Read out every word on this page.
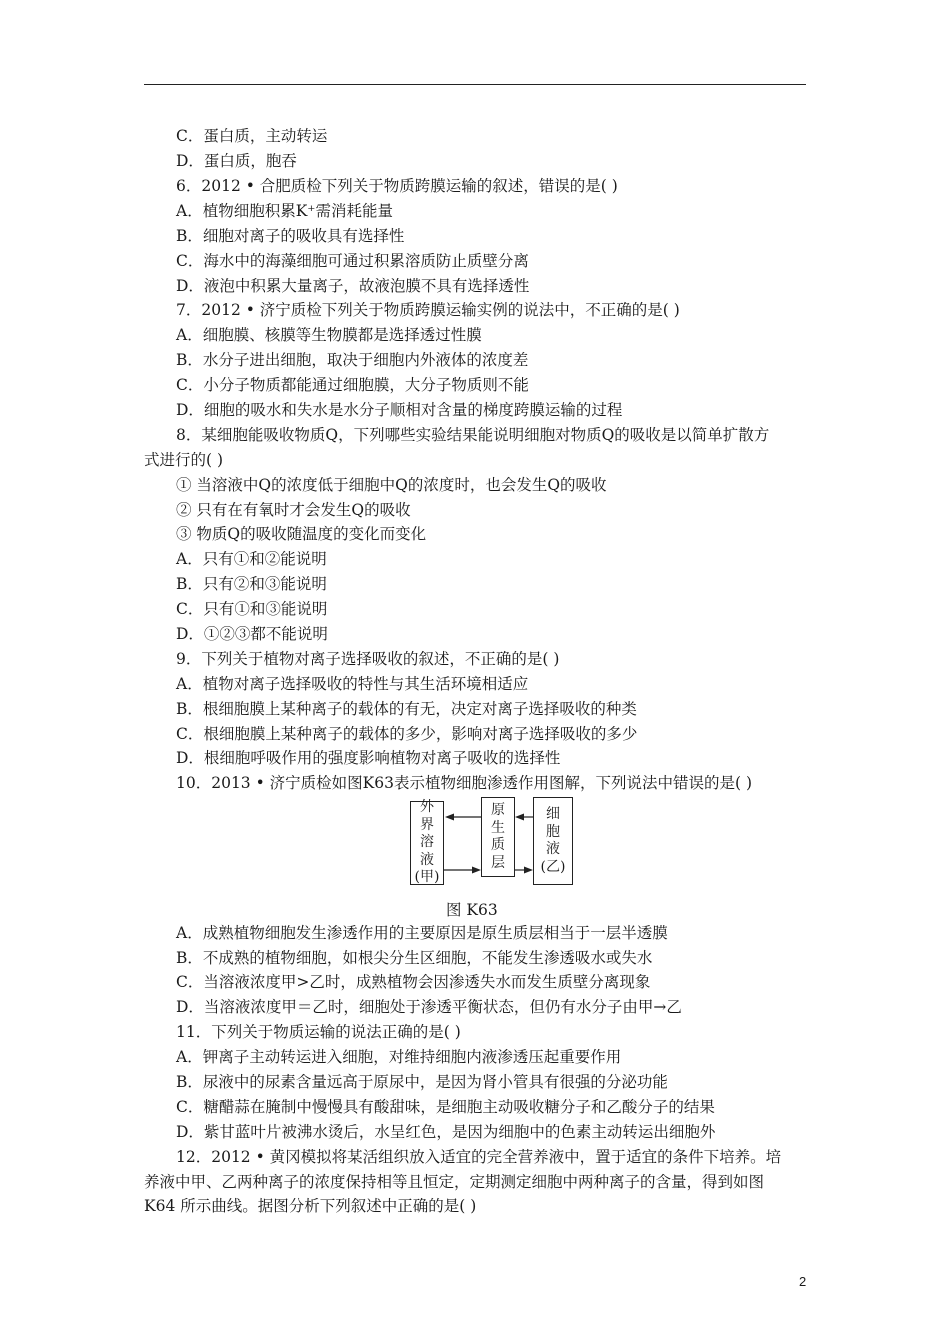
C．蛋白质，主动转运
D．蛋白质，胞吞
6．2012 • 合肥质检下列关于物质跨膜运输的叙述，错误的是( )
A．植物细胞积累K⁺需消耗能量
B．细胞对离子的吸收具有选择性
C．海水中的海藻细胞可通过积累溶质防止质壁分离
D．液泡中积累大量离子，故液泡膜不具有选择透性
7．2012 • 济宁质检下列关于物质跨膜运输实例的说法中，不正确的是( )
A．细胞膜、核膜等生物膜都是选择透过性膜
B．水分子进出细胞，取决于细胞内外液体的浓度差
C．小分子物质都能通过细胞膜，大分子物质则不能
D．细胞的吸水和失水是水分子顺相对含量的梯度跨膜运输的过程
8．某细胞能吸收物质Q，下列哪些实验结果能说明细胞对物质Q的吸收是以简单扩散方
式进行的( )
① 当溶液中Q的浓度低于细胞中Q的浓度时，也会发生Q的吸收
② 只有在有氧时才会发生Q的吸收
③ 物质Q的吸收随温度的变化而变化
A．只有①和②能说明
B．只有②和③能说明
C．只有①和③能说明
D．①②③都不能说明
9．下列关于植物对离子选择吸收的叙述，不正确的是( )
A．植物对离子选择吸收的特性与其生活环境相适应
B．根细胞膜上某种离子的载体的有无，决定对离子选择吸收的种类
C．根细胞膜上某种离子的载体的多少，影响对离子选择吸收的多少
D．根细胞呼吸作用的强度影响植物对离子吸收的选择性
10．2013 • 济宁质检如图K63表示植物细胞渗透作用图解，下列说法中错误的是( )
外
界
溶
液
(甲)
原
生
质
层
细
胞
液
(乙)
图 K63
A．成熟植物细胞发生渗透作用的主要原因是原生质层相当于一层半透膜
B．不成熟的植物细胞，如根尖分生区细胞，不能发生渗透吸水或失水
C．当溶液浓度甲>乙时，成熟植物会因渗透失水而发生质壁分离现象
D．当溶液浓度甲＝乙时，细胞处于渗透平衡状态，但仍有水分子由甲→乙
11．下列关于物质运输的说法正确的是( )
A．钾离子主动转运进入细胞，对维持细胞内液渗透压起重要作用
B．尿液中的尿素含量远高于原尿中，是因为肾小管具有很强的分泌功能
C．糖醋蒜在腌制中慢慢具有酸甜味，是细胞主动吸收糖分子和乙酸分子的结果
D．紫甘蓝叶片被沸水烫后，水呈红色，是因为细胞中的色素主动转运出细胞外
12．2012 • 黄冈模拟将某活组织放入适宜的完全营养液中，置于适宜的条件下培养。培
养液中甲、乙两种离子的浓度保持相等且恒定，定期测定细胞中两种离子的含量，得到如图
K64 所示曲线。据图分析下列叙述中正确的是( )
2
